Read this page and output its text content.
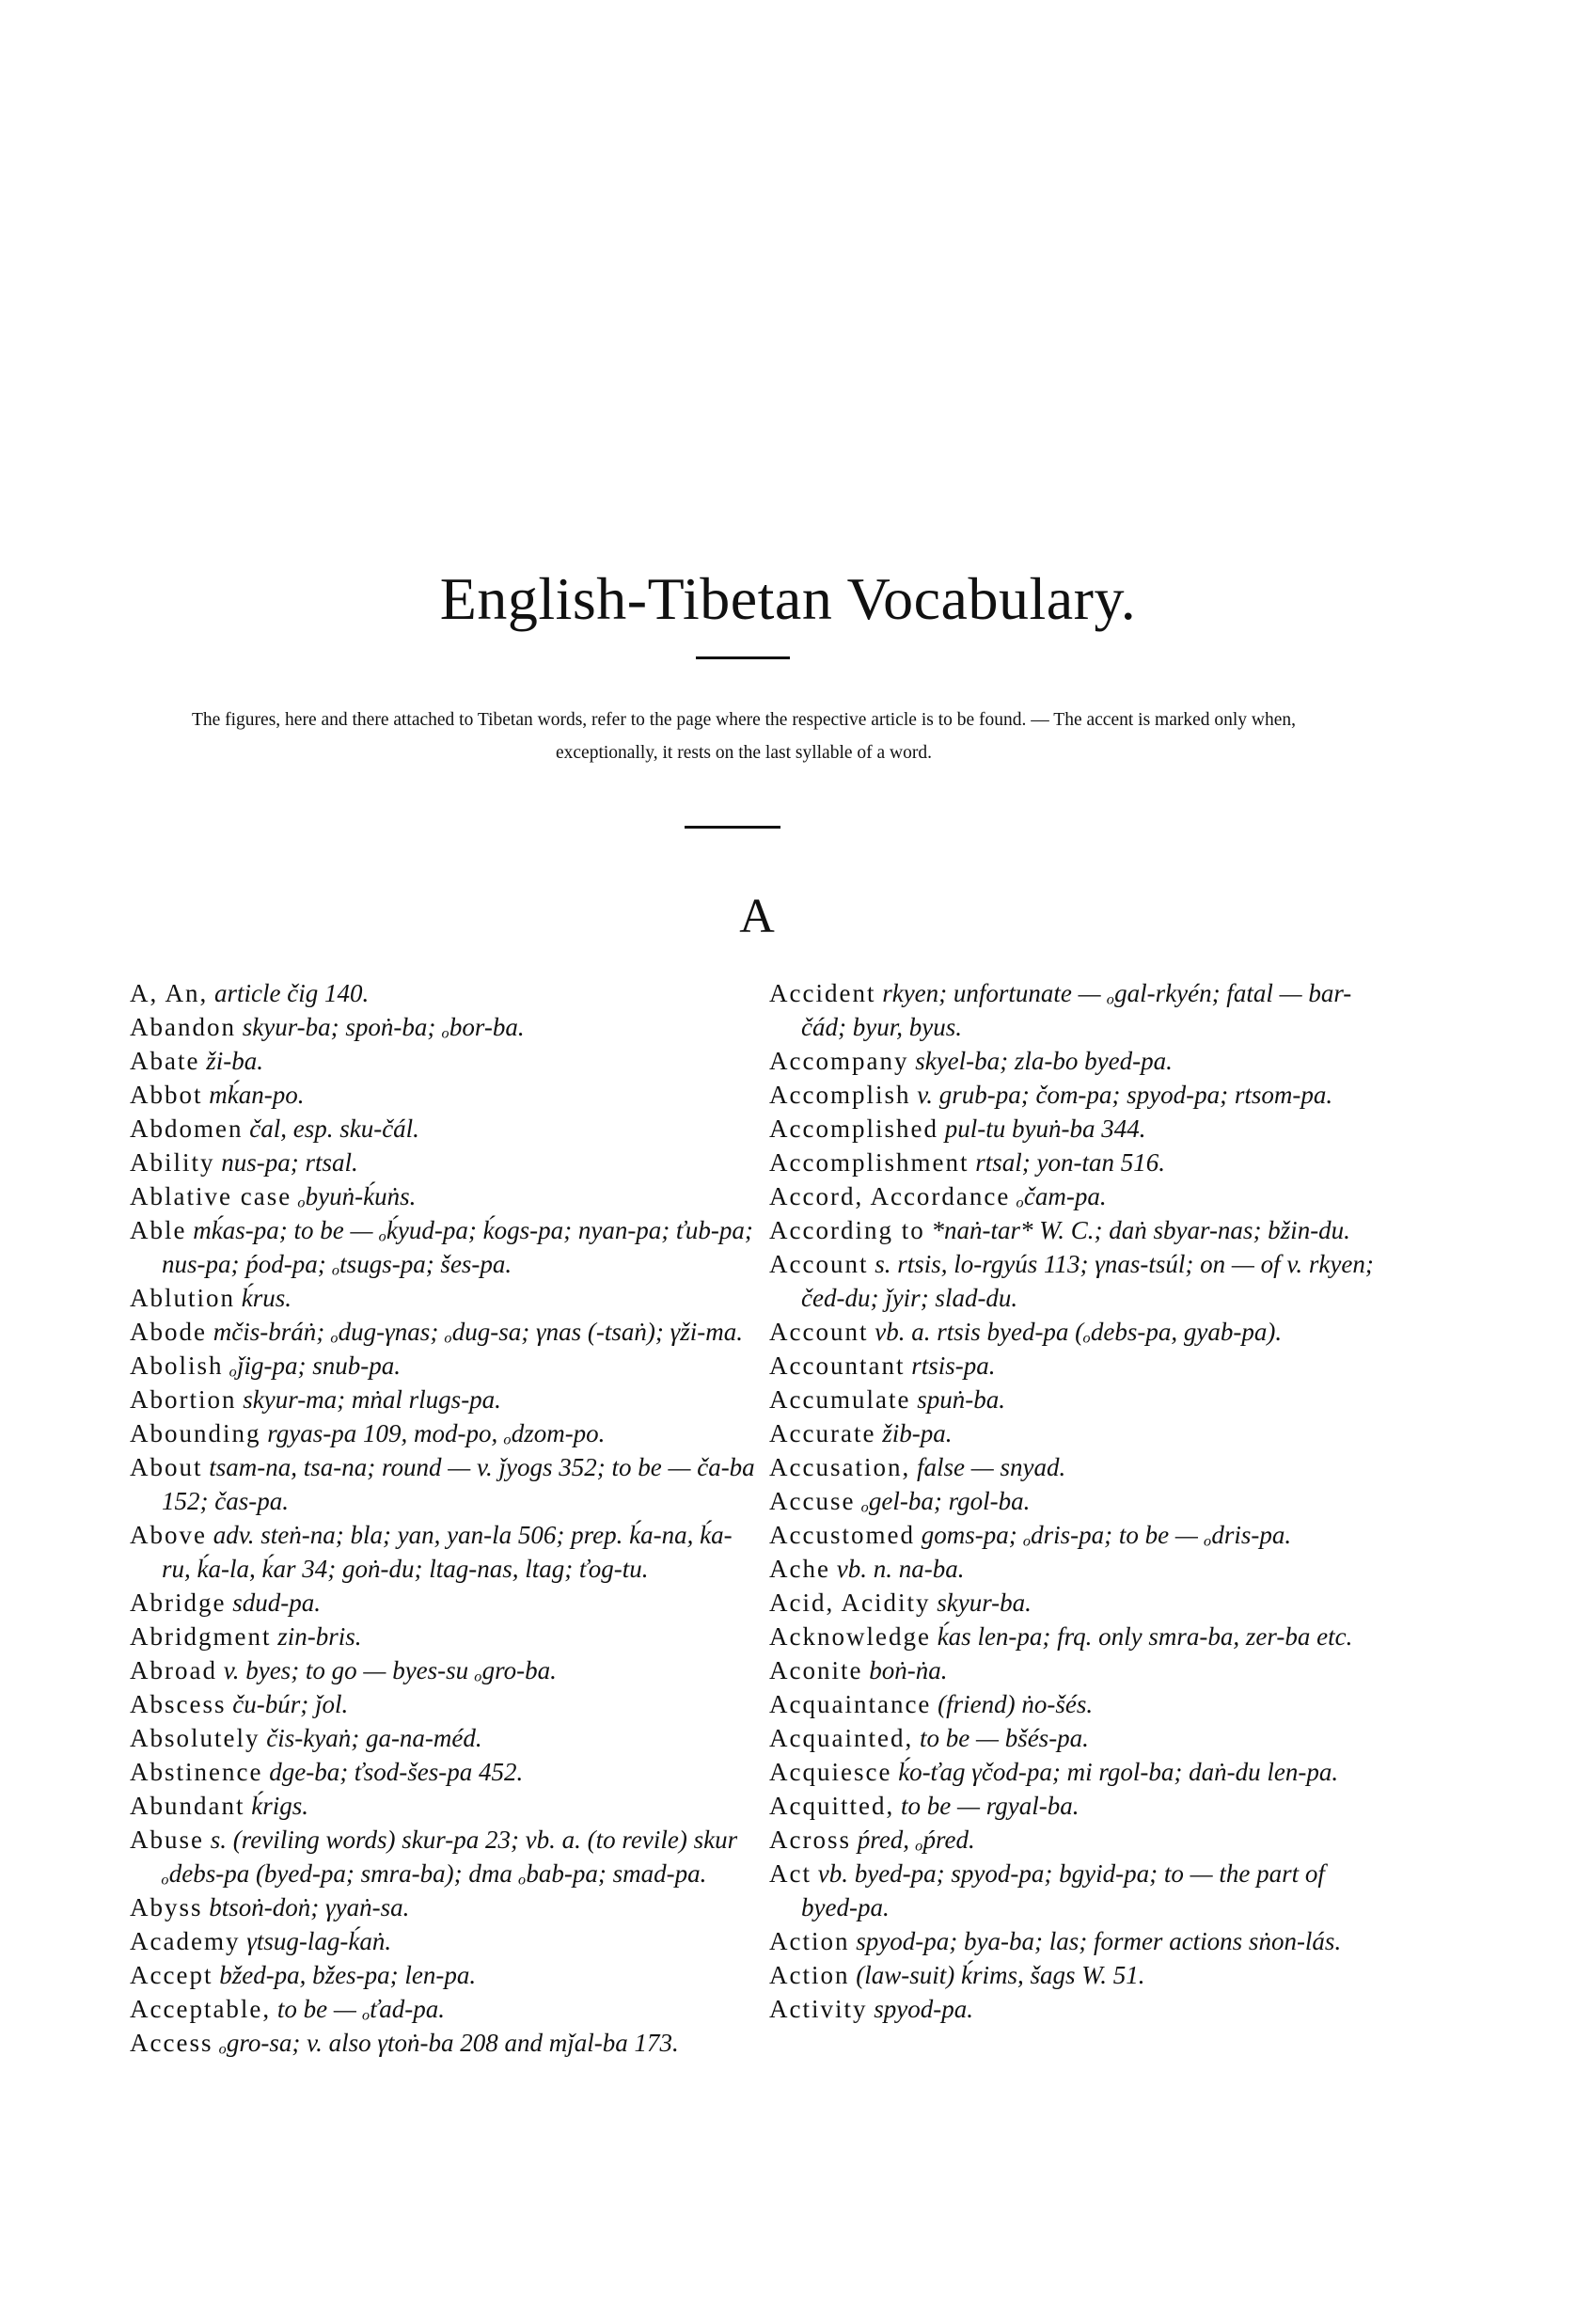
English-Tibetan Vocabulary.
The figures, here and there attached to Tibetan words, refer to the page where the respective article is to be found. — The accent is marked only when, exceptionally, it rests on the last syllable of a word.
A

A, An, article čig 140.

Abandon skyur-ba; spoṅ-ba; ₒbor-ba.

Abate ži-ba.

Abbot mḱan-po.

Abdomen čal, esp. sku-čál.

Ability nus-pa; rtsal.

Ablative case ₒbyuṅ-ḱuṅs.

Able mḱas-pa; to be — ₒḱyud-pa; ḱogs-pa; nyan-pa; ťub-pa; nus-pa; ṕod-pa; ₒtsugs-pa; šes-pa.

Ablution ḱrus.

Abode mčis-bráṅ; ₒdug-γnas; ₒdug-sa; γnas (-tsaṅ); γži-ma.

Abolish ₒǰig-pa; snub-pa.

Abortion skyur-ma; mṅal rlugs-pa.

Abounding rgyas-pa 109, mod-po, ₒdzom-po.

About tsam-na, tsa-na; round — v. ǰyogs 352; to be — ča-ba 152; čas-pa.

Above adv. steṅ-na; bla; yan, yan-la 506; prep. ḱa-na, ḱa-ru, ḱa-la, ḱar 34; goṅ-du; ltag-nas, ltag; ťog-tu.

Abridge sdud-pa.

Abridgment zin-bris.

Abroad v. byes; to go — byes-su ₒgro-ba.

Abscess ču-búr; ǰol.

Absolutely čis-kyaṅ; ga-na-méd.

Abstinence dge-ba; ťsod-šes-pa 452.

Abundant ḱrigs.

Abuse s. (reviling words) skur-pa 23; vb. a. (to revile) skur ₒdebs-pa (byed-pa; smra-ba); dma ₒbab-pa; smad-pa.

Abyss btsoṅ-doṅ; γyaṅ-sa.

Academy γtsug-lag-ḱaṅ.

Accept bžed-pa, bžes-pa; len-pa.

Acceptable, to be — ₒťad-pa.

Access ₒgro-sa; v. also γtoṅ-ba 208 and mǰal-ba 173.

Accident rkyen; unfortunate — ₒgal-rkyén; fatal — bar-čád; byur, byus.

Accompany skyel-ba; zla-bo byed-pa.

Accomplish v. grub-pa; čom-pa; spyod-pa; rtsom-pa.

Accomplished pul-tu byuṅ-ba 344.

Accomplishment rtsal; yon-tan 516.

Accord, Accordance ₒčam-pa.

According to *naṅ-tar* W. C.; daṅ sbyar-nas; bžin-du.

Account s. rtsis, lo-rgyús 113; γnas-tsúl; on — of v. rkyen; čed-du; ǰyir; slad-du.

Account vb. a. rtsis byed-pa (ₒdebs-pa, gyab-pa).

Accountant rtsis-pa.

Accumulate spuṅ-ba.

Accurate žib-pa.

Accusation, false — snyad.

Accuse ₒgel-ba; rgol-ba.

Accustomed goms-pa; ₒdris-pa; to be — ₒdris-pa.

Ache vb. n. na-ba.

Acid, Acidity skyur-ba.

Acknowledge ḱas len-pa; frq. only smra-ba, zer-ba etc.

Aconite boṅ-ṅa.

Acquaintance (friend) ṅo-šés.

Acquainted, to be — bšés-pa.

Acquiesce ḱo-ťag γčod-pa; mi rgol-ba; daṅ-du len-pa.

Acquitted, to be — rgyal-ba.

Across ṕred, ₒṕred.

Act vb. byed-pa; spyod-pa; bgyid-pa; to — the part of byed-pa.

Action spyod-pa; bya-ba; las; former actions sṅon-lás.

Action (law-suit) ḱrims, šags W. 51.

Activity spyod-pa.
